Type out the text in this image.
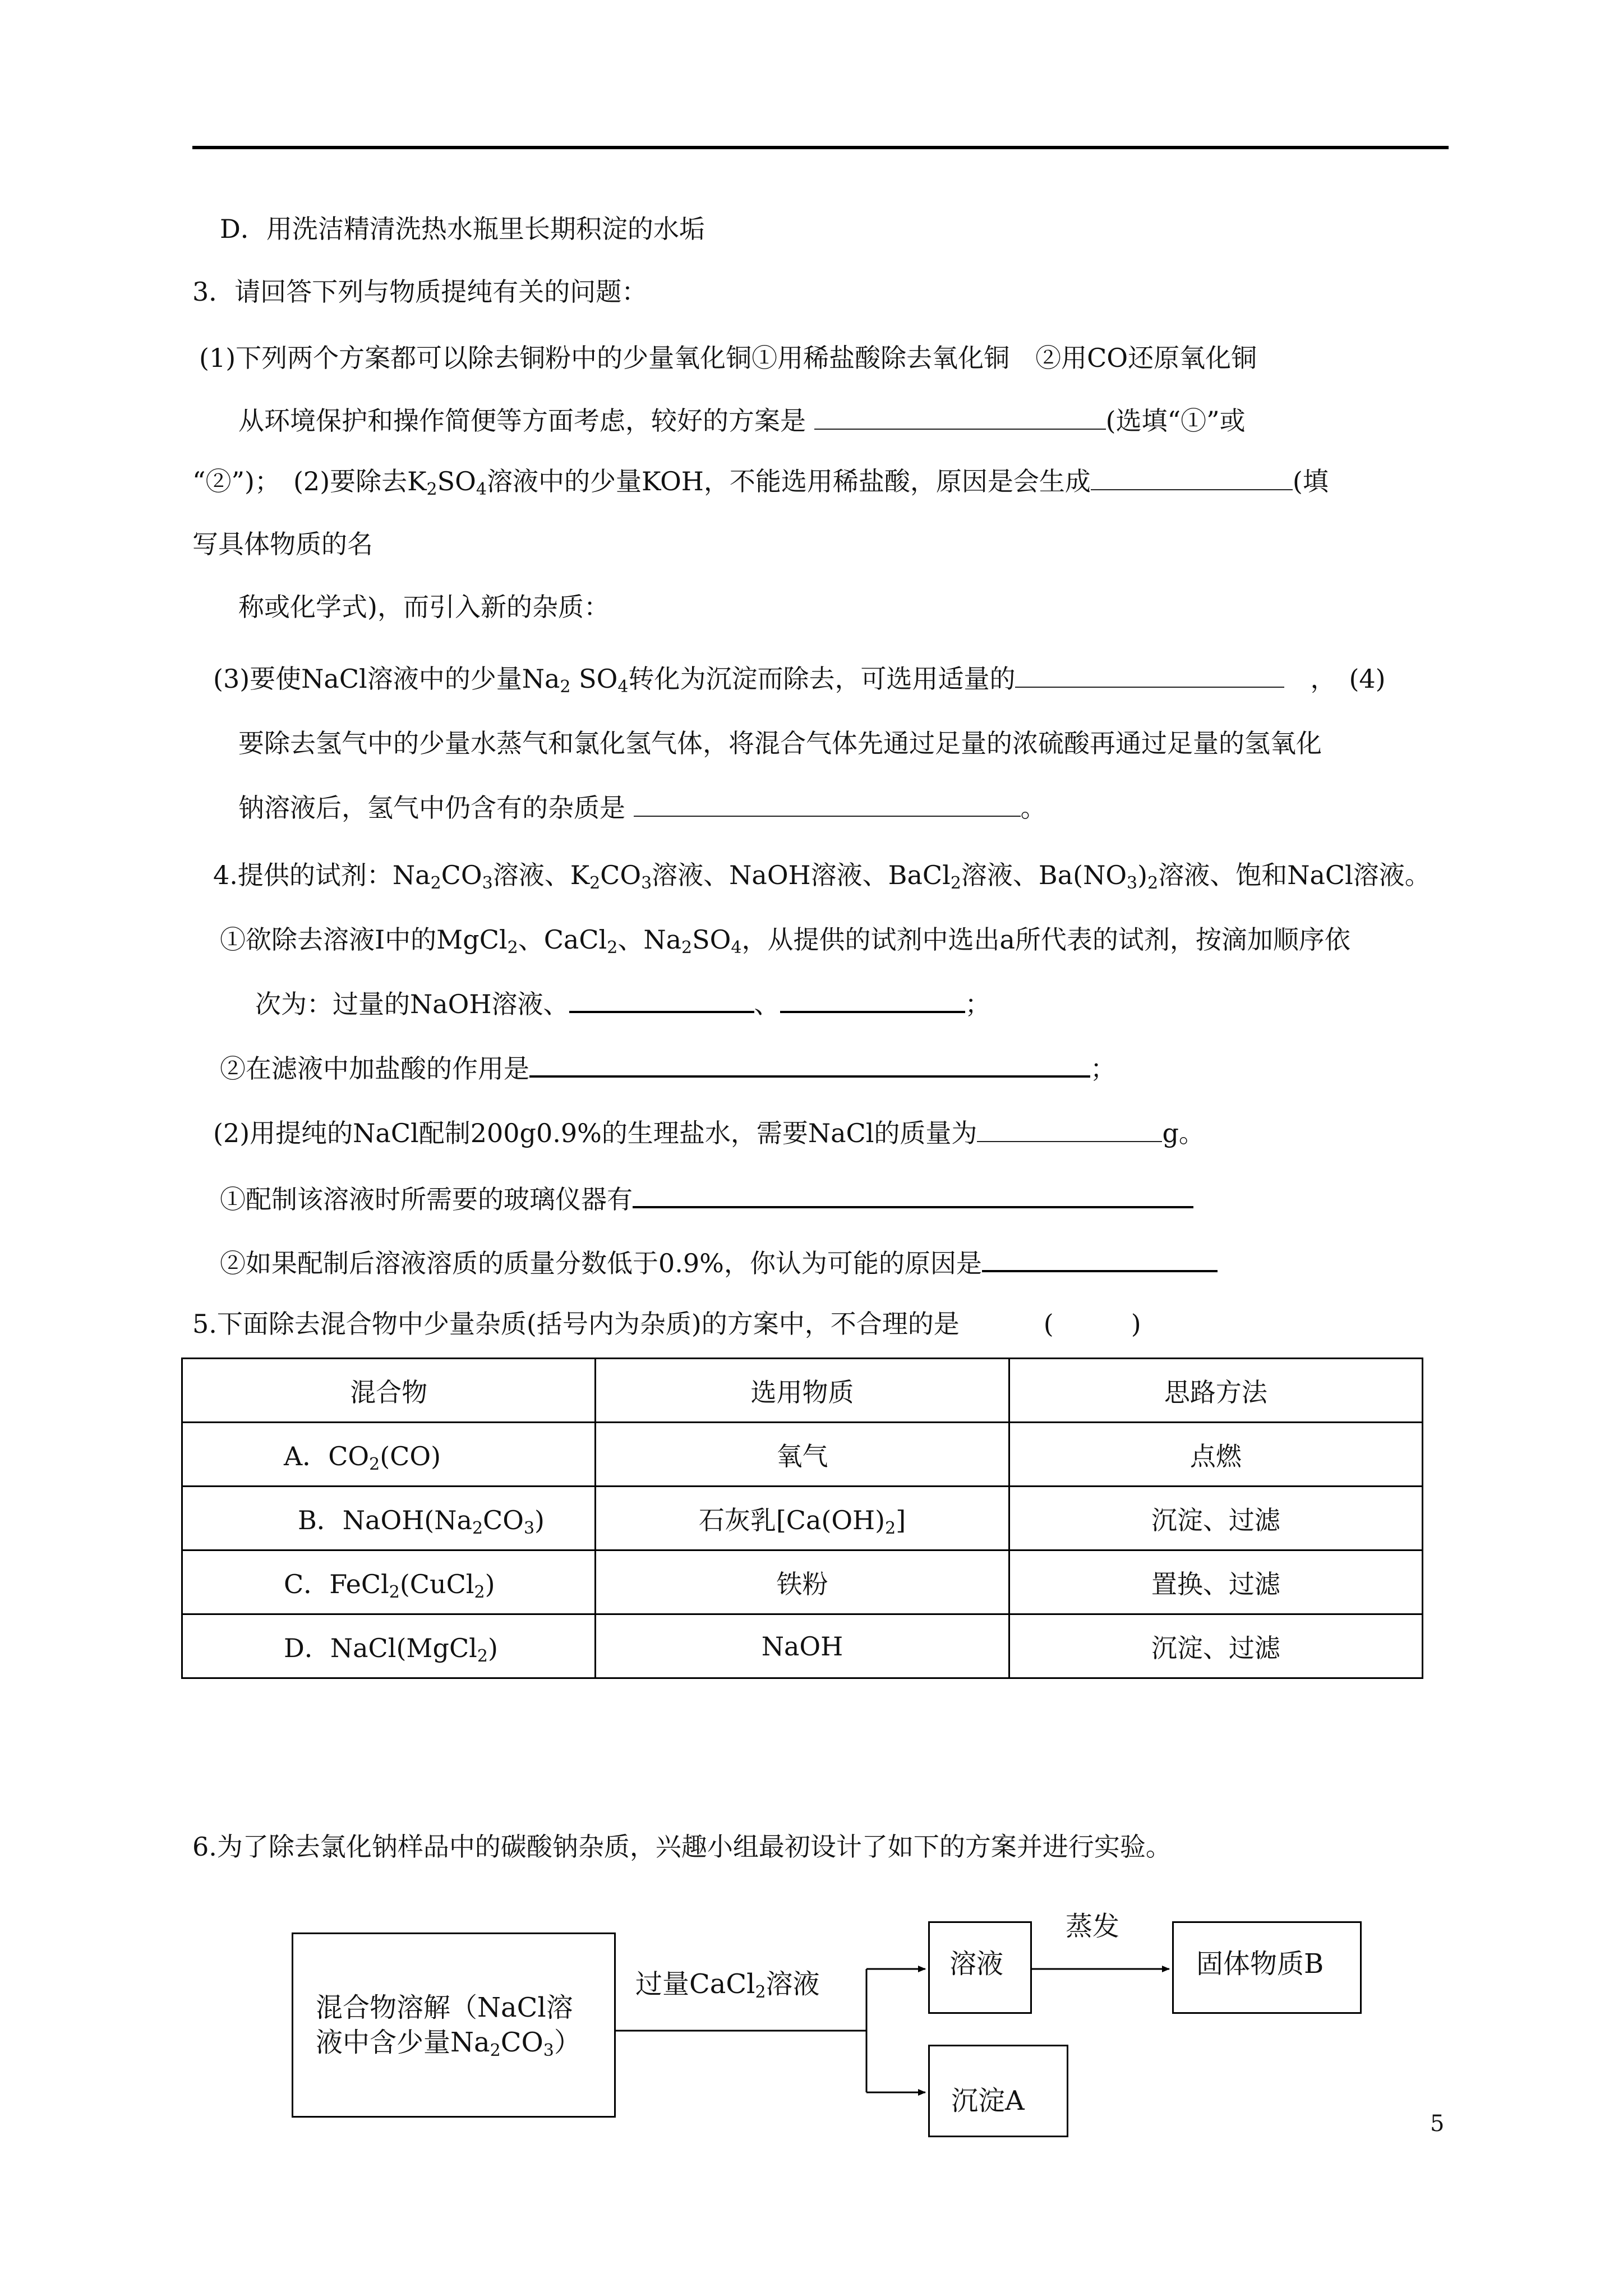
D．用洗洁精清洗热水瓶里长期积淀的水垢
3．请回答下列与物质提纯有关的问题：
(1)下列两个方案都可以除去铜粉中的少量氧化铜①用稀盐酸除去氧化铜　②用CO还原氧化铜
从环境保护和操作简便等方面考虑，较好的方案是	(选填“①”或
“②”)；　(2)要除去$K_2SO_4$溶液中的少量KOH，不能选用稀盐酸，原因是会生成	(填
写具体物质的名
称或化学式)，而引入新的杂质：
(3)要使NaCl溶液中的少量$Na_2$ $SO_4$转化为沉淀而除去，可选用适量的	　，　(4)
要除去氢气中的少量水蒸气和氯化氢气体，将混合气体先通过足量的浓硫酸再通过足量的氢氧化
钠溶液后，氢气中仍含有的杂质是	。
4.提供的试剂：$Na_2CO_3$溶液、$K_2CO_3$溶液、NaOH溶液、BaCl$_2$溶液、$Ba(NO_3)_2$溶液、饱和NaCl溶液。
①欲除去溶液I中的MgCl$_2$、CaCl$_2$、$Na_2SO_4$，从提供的试剂中选出a所代表的试剂，按滴加顺序依
次为：过量的NaOH溶液、	、	；
②在滤液中加盐酸的作用是	；
(2)用提纯的NaCl配制200g0.9%的生理盐水，需要NaCl的质量为	g。
①配制该溶液时所需要的玻璃仪器有
②如果配制后溶液溶质的质量分数低于0.9%，你认为可能的原因是
5.下面除去混合物中少量杂质(括号内为杂质)的方案中，不合理的是	(　　　)
混合物	选用物质	思路方法
A．$CO_2(CO)$	氧气	点燃
B．$NaOH(Na_2CO_3)$	石灰乳$[Ca(OH)_2]$	沉淀、过滤
C．FeCl$_2$(CuCl$_2$)	铁粉	置换、过滤
D．NaCl(MgCl$_2$)	NaOH	沉淀、过滤
6.为了除去氯化钠样品中的碳酸钠杂质，兴趣小组最初设计了如下的方案并进行实验。
混合物溶解（NaCl溶
液中含少量$Na_2CO_3$）
过量CaCl$_2$溶液
溶液
蒸发
固体物质B
沉淀A
5
